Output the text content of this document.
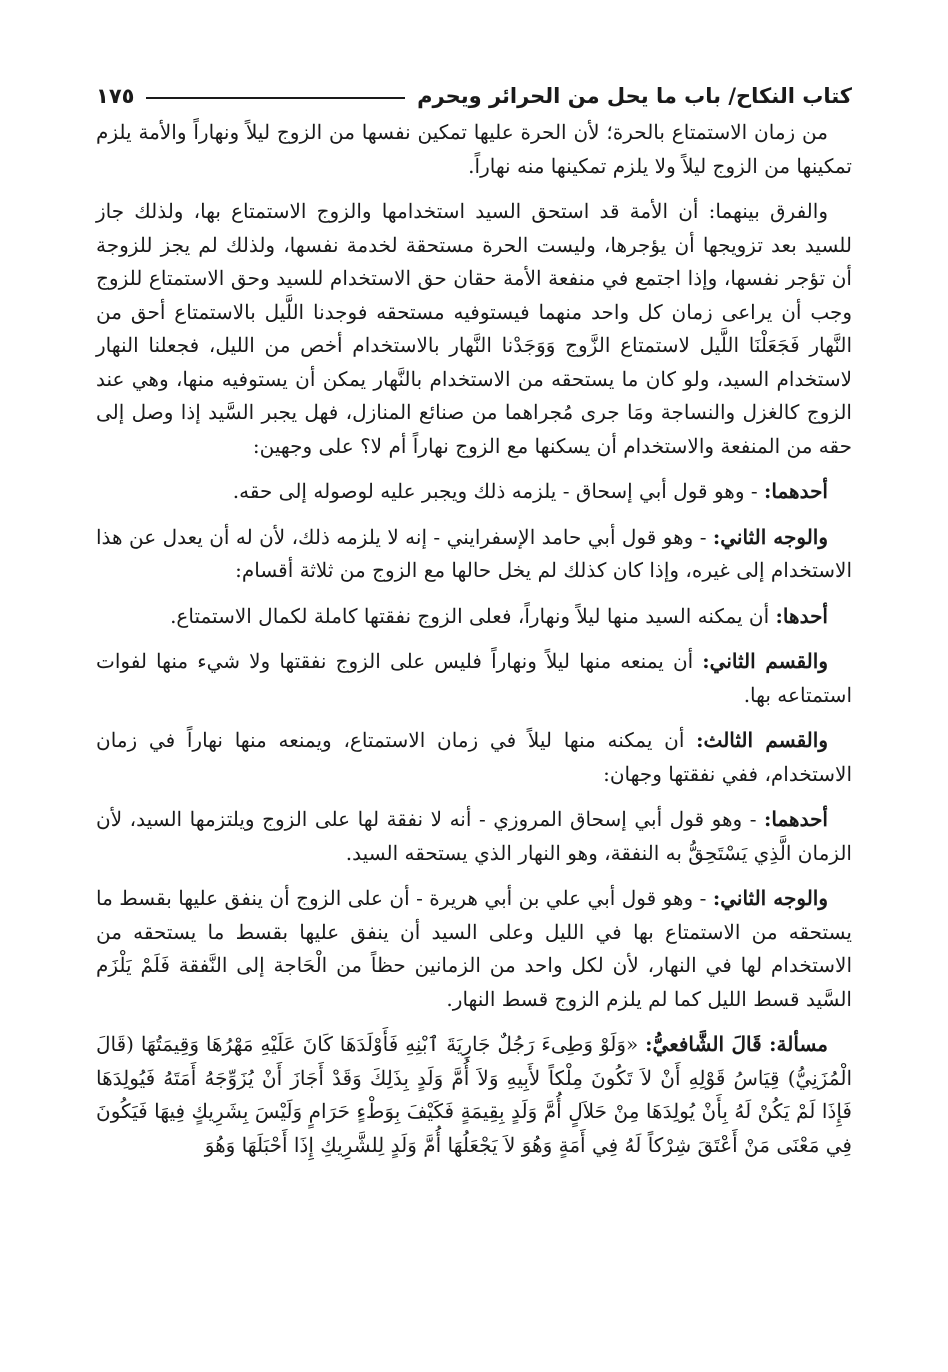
كتاب النكاح/ باب ما يحل من الحرائر ويحرم
١٧٥

من زمان الاستمتاع بالحرة؛ لأن الحرة عليها تمكين نفسها من الزوج ليلاً ونهاراً والأمة يلزم تمكينها من الزوج ليلاً ولا يلزم تمكينها منه نهاراً.

والفرق بينهما: أن الأمة قد استحق السيد استخدامها والزوج الاستمتاع بها، ولذلك جاز للسيد بعد تزويجها أن يؤجرها، وليست الحرة مستحقة لخدمة نفسها، ولذلك لم يجز للزوجة أن تؤجر نفسها، وإذا اجتمع في منفعة الأمة حقان حق الاستخدام للسيد وحق الاستمتاع للزوج وجب أن يراعى زمان كل واحد منهما فيستوفيه مستحقه فوجدنا اللَّيل بالاستمتاع أحق من النَّهار فَجَعَلْنَا اللَّيل لاستمتاع الزَّوج وَوَجَدْنا النَّهار بالاستخدام أخص من الليل، فجعلنا النهار لاستخدام السيد، ولو كان ما يستحقه من الاستخدام بالنَّهار يمكن أن يستوفيه منها، وهي عند الزوج كالغزل والنساجة ومَا جرى مُجراهما من صنائع المنازل، فهل يجبر السَّيد إذا وصل إلى حقه من المنفعة والاستخدام أن يسكنها مع الزوج نهاراً أم لا؟ على وجهين:

أحدهما: - وهو قول أبي إسحاق - يلزمه ذلك ويجبر عليه لوصوله إلى حقه.

والوجه الثاني: - وهو قول أبي حامد الإسفرايني - إنه لا يلزمه ذلك، لأن له أن يعدل عن هذا الاستخدام إلى غيره، وإذا كان كذلك لم يخل حالها مع الزوج من ثلاثة أقسام:

أحدها: أن يمكنه السيد منها ليلاً ونهاراً، فعلى الزوج نفقتها كاملة لكمال الاستمتاع.

والقسم الثاني: أن يمنعه منها ليلاً ونهاراً فليس على الزوج نفقتها ولا شيء منها لفوات استمتاعه بها.

والقسم الثالث: أن يمكنه منها ليلاً في زمان الاستمتاع، ويمنعه منها نهاراً في زمان الاستخدام، ففي نفقتها وجهان:

أحدهما: - وهو قول أبي إسحاق المروزي - أنه لا نفقة لها على الزوج ويلتزمها السيد، لأن الزمان الَّذِي يَسْتَحِقُّ به النفقة، وهو النهار الذي يستحقه السيد.

والوجه الثاني: - وهو قول أبي علي بن أبي هريرة - أن على الزوج أن ينفق عليها بقسط ما يستحقه من الاستمتاع بها في الليل وعلى السيد أن ينفق عليها بقسط ما يستحقه من الاستخدام لها في النهار، لأن لكل واحد من الزمانين حظاً من الْحَاجة إلى النَّفقة فَلَمْ يَلْزَم السَّيد قسط الليل كما لم يلزم الزوج قسط النهار.

مسألة: قَالَ الشَّافعيُّ: «وَلَوْ وَطِىءَ رَجُلٌ جَارِيَةَ ٱبْنِهِ فَأَوْلَدَهَا كَانَ عَلَيْهِ مَهْرُهَا وَقِيمَتُهَا (قَالَ الْمُزَنِيُّ) قِيَاسُ قَوْلِهِ أَنْ لاَ تَكُونَ مِلْكاً لأَبِيهِ وَلاَ أُمَّ وَلَدٍ بِذَلِكَ وَقَدْ أَجَازَ أَنْ يُزَوِّجَهُ أَمَتَهُ فَيُولِدَهَا فَإِذَا لَمْ يَكُنْ لَهُ بِأَنْ يُولِدَهَا مِنْ حَلاَلٍ أُمَّ وَلَدٍ بِقِيمَةٍ فَكَيْفَ بِوَطْءٍ حَرَامٍ وَلَيْسَ بِشَرِيكٍ فِيهَا فَيَكُونَ فِي مَعْنَى مَنْ أَعْتَقَ شِرْكاً لَهُ فِي أَمَةٍ وَهُوَ لاَ يَجْعَلُهَا أُمَّ وَلَدٍ لِلشَّرِيكِ إِذَا أَحْبَلَهَا وَهُوَ
